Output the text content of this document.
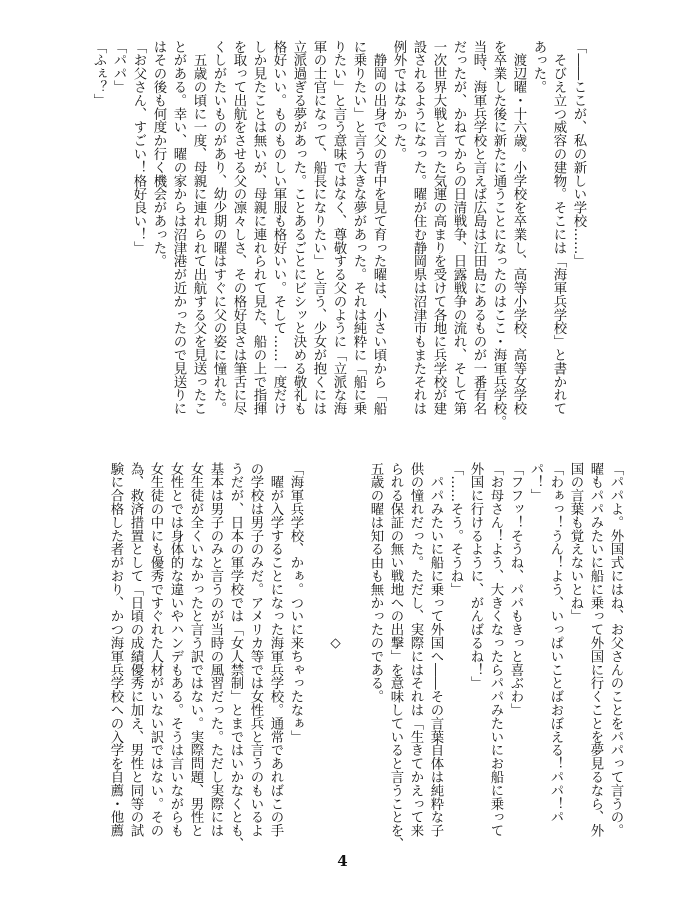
「――ここが、私の新しい学校……」
　そびえ立つ威容の建物。そこには「海軍兵学校」と書かれて
あった。
　渡辺曜・十六歳。小学校を卒業し、高等小学校、高等女学校
を卒業した後に新たに通うことになったのはここ・海軍兵学校。
当時、海軍兵学校と言えば広島は江田島にあるものが一番有名
だったが、かねてからの日清戦争、日露戦争の流れ、そして第
一次世界大戦と言った気運の高まりを受けて各地に兵学校が建
設されるようになった。曜が住む静岡県は沼津市もまたそれは
例外ではなかった。
　静岡の出身で父の背中を見て育った曜は、小さい頃から「船
に乗りたい」と言う大きな夢があった。それは純粋に「船に乗
りたい」と言う意味ではなく、尊敬する父のように「立派な海
軍の士官になって、船長になりたい」と言う、少女が抱くには
立派過ぎる夢があった。ことあるごとにビシッと決める敬礼も
格好いい。ものものしい軍服も格好いい。そして……一度だけ
しか見たことは無いが、母親に連れられて見た、船の上で指揮
を取って出航をさせる父の凛々しさ、その格好良さは筆舌に尽
くしがたいものがあり、幼少期の曜はすぐに父の姿に憧れた。
　五歳の頃に一度、母親に連れられて出航する父を見送ったこ
とがある。幸い、曜の家からは沼津港が近かったので見送りに
はその後も何度か行く機会があった。
「お父さん、すごい！格好良い！」
「パパ」
「ふぇ？」
「パパよ。外国式にはね、お父さんのことをパパって言うの。
曜もパパみたいに船に乗って外国に行くことを夢見るなら、外
国の言葉も覚えないとね」
「わぁっ！うん！よう、いっぱいことばおぼえる！パパ！パ
パ！」
「フフッ！そうね、パパもきっと喜ぶわ」
「お母さん！よう、大きくなったらパパみたいにお船に乗って
外国に行けるように、がんばるね！」
「……そう。そうね」
　パパみたいに船に乗って外国へ――その言葉自体は純粋な子
供の憧れだった。ただし、実際にはそれは「生きてかえって来
られる保証の無い戦地への出撃」を意味していると言うことを、
五歳の曜は知る由も無かったのである。
　　　　　　　　　　　　　◇
「海軍兵学校、かぁ。ついに来ちゃったなぁ」
　曜が入学することになった海軍兵学校。通常であればこの手
の学校は男子のみだ。アメリカ等では女性兵と言うのもいるよ
うだが、日本の軍学校では「女人禁制」とまではいかなくとも、
基本は男子のみと言うのが当時の風習だった。ただし実際には
女生徒が全くいなかったと言う訳ではない。実際問題、男性と
女性とでは身体的な違いやハンデもある。そうは言いながらも
女生徒の中にも優秀ですぐれた人材がいない訳ではない。その
為、救済措置として「日頃の成績優秀に加え、男性と同等の試
験に合格した者がおり、かつ海軍兵学校への入学を自薦・他薦
4
